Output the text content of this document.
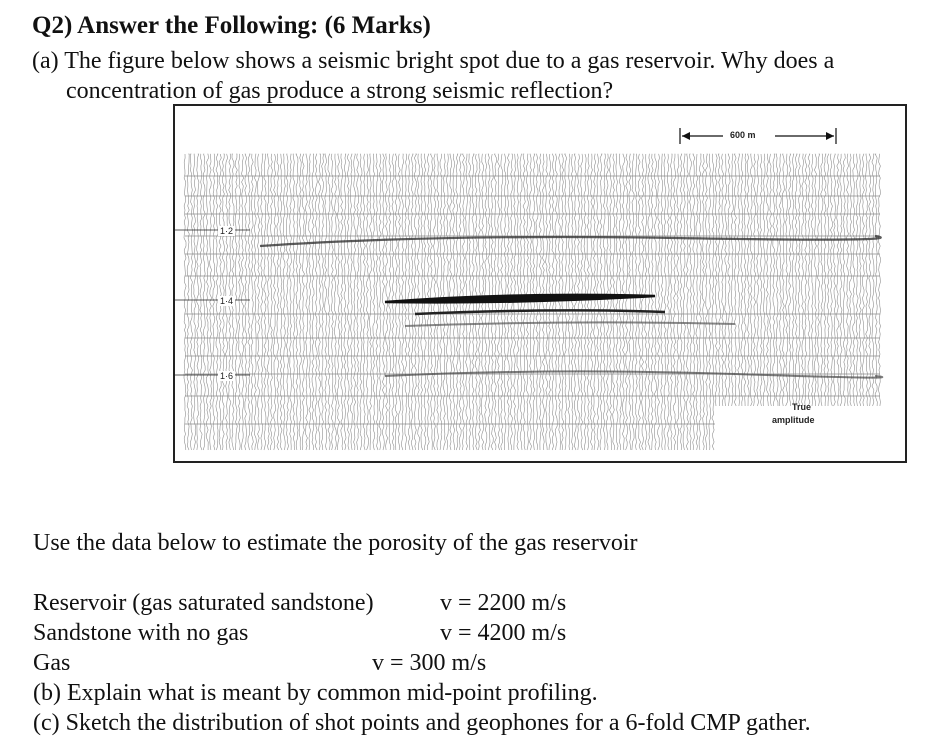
Q2) Answer the Following: (6 Marks)
(a) The figure below shows a seismic bright spot due to a gas reservoir. Why does a
concentration of gas produce a strong seismic reflection?
600 m
1·2
1·4
1·6
True
amplitude
Use the data below to estimate the porosity of the gas reservoir
Reservoir (gas saturated sandstone)	v = 2200 m/s
Sandstone with no gas	v = 4200 m/s
Gas	v = 300 m/s
(b) Explain what is meant by common mid-point profiling.
(c) Sketch the distribution of shot points and geophones for a 6-fold CMP gather.
